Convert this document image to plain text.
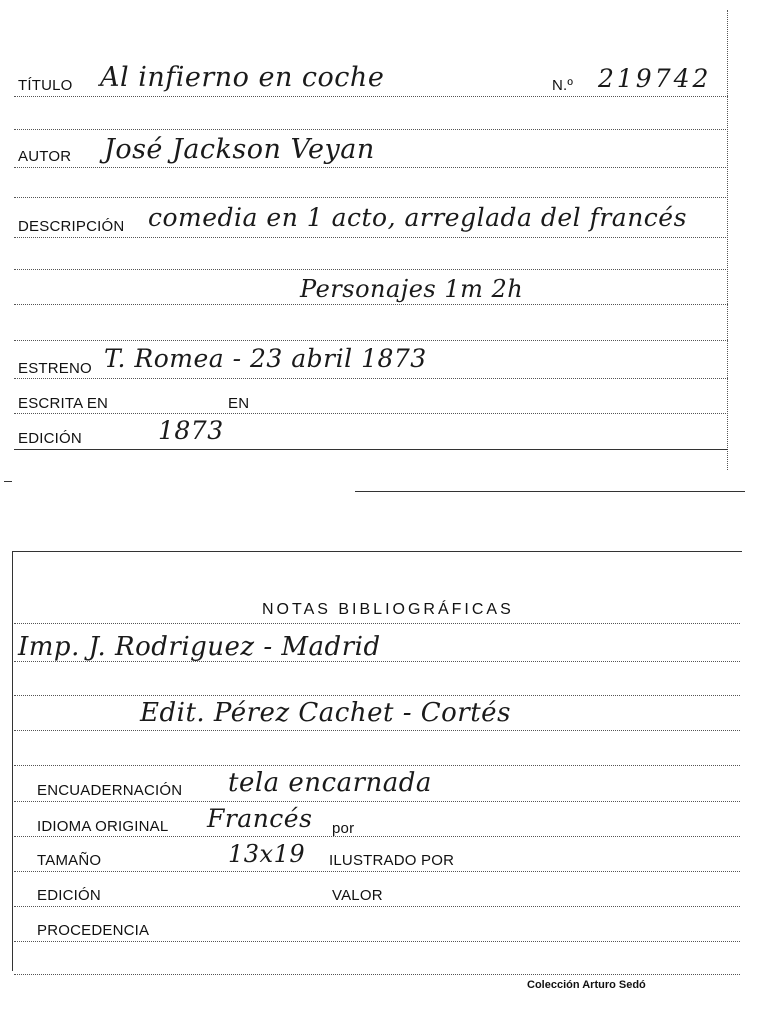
TÍTULO Al infierno en coche	N.º 219742
AUTOR José Jackson Veyan
DESCRIPCIÓN comedia en 1 acto, arreglada del francés
Personajes 1m 2h
ESTRENO T. Romea - 23 abril 1873
ESCRITA EN	EN
EDICIÓN	1873
NOTAS BIBLIOGRÁFICAS
Imp. J. Rodriguez - Madrid
Edit. Pérez Cachet - Cortés
ENCUADERNACIÓN tela encarnada
IDIOMA ORIGINAL Francés por
TAMAÑO	13x19 ILUSTRADO POR
EDICIÓN	VALOR
PROCEDENCIA
Colección Arturo Sedó
